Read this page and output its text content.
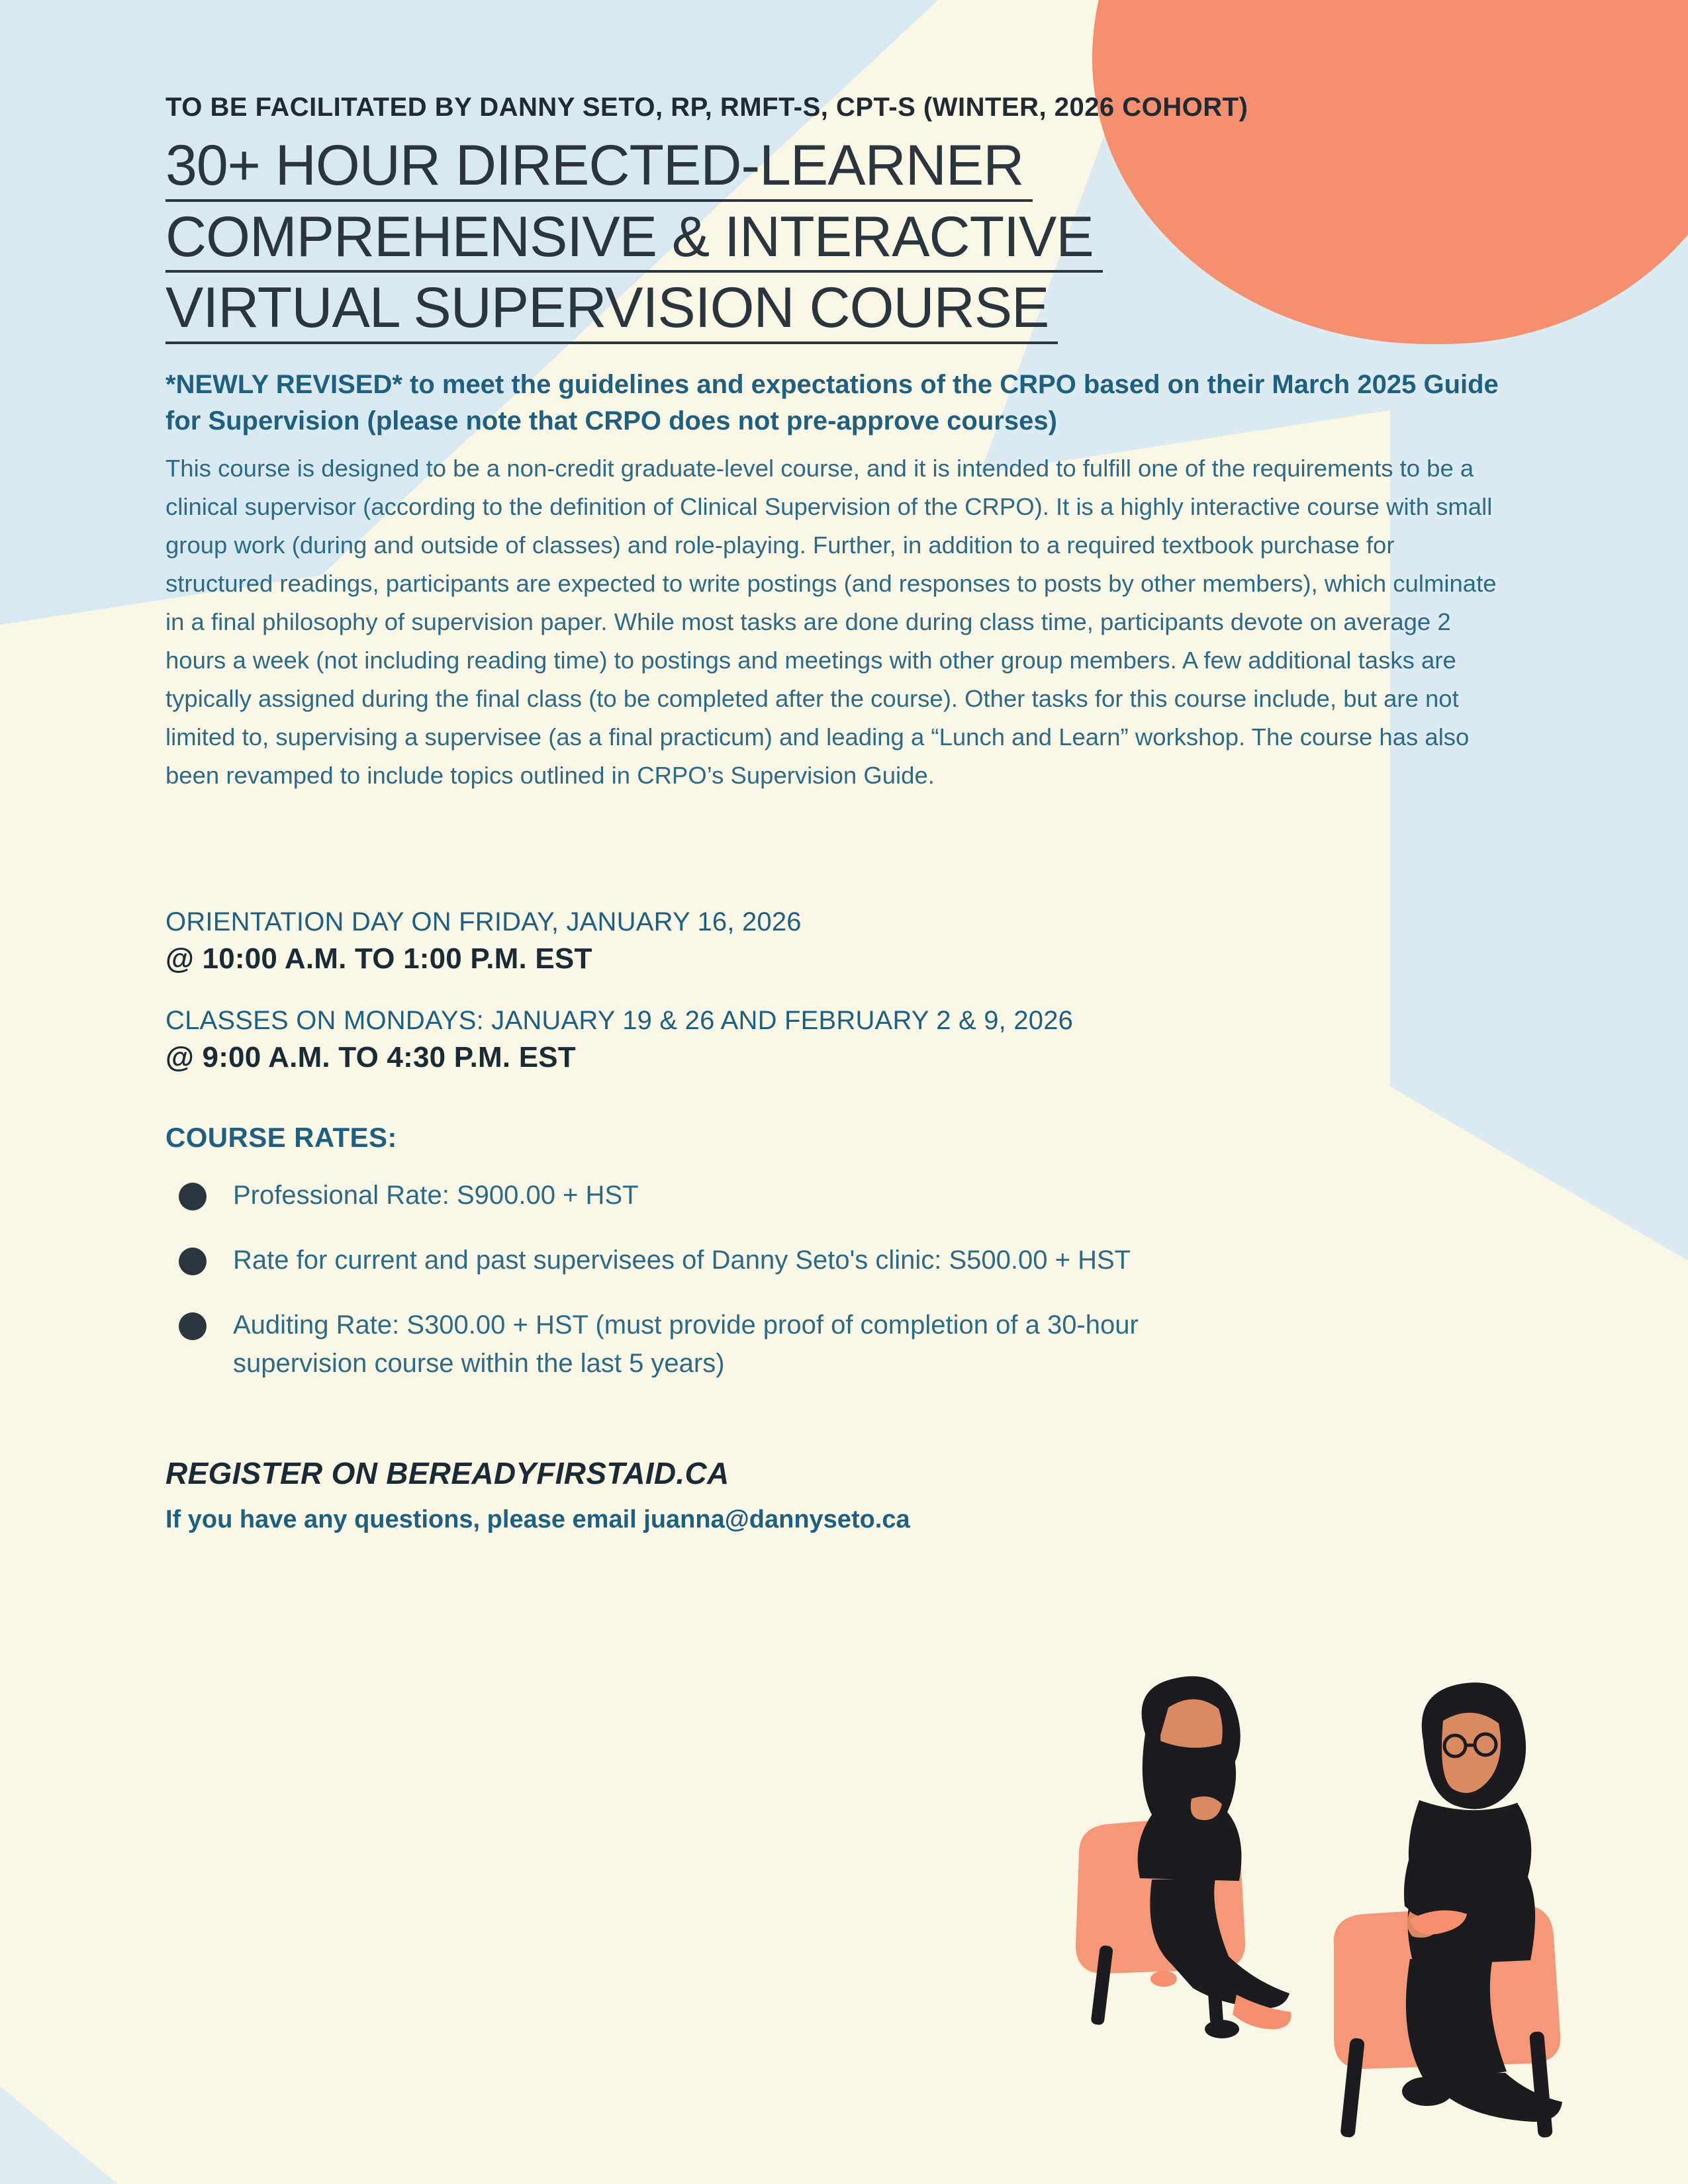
TO BE FACILITATED BY DANNY SETO, RP, RMFT-S, CPT-S (WINTER, 2026 COHORT)
30+ HOUR DIRECTED-LEARNER
COMPREHENSIVE & INTERACTIVE
VIRTUAL SUPERVISION COURSE

*NEWLY REVISED* to meet the guidelines and expectations of the CRPO based on their March 2025 Guide for Supervision (please note that CRPO does not pre-approve courses)

This course is designed to be a non-credit graduate-level course, and it is intended to fulfill one of the requirements to be a clinical supervisor (according to the definition of Clinical Supervision of the CRPO). It is a highly interactive course with small group work (during and outside of classes) and role-playing. Further, in addition to a required textbook purchase for structured readings, participants are expected to write postings (and responses to posts by other members), which culminate in a final philosophy of supervision paper. While most tasks are done during class time, participants devote on average 2 hours a week (not including reading time) to postings and meetings with other group members. A few additional tasks are typically assigned during the final class (to be completed after the course). Other tasks for this course include, but are not limited to, supervising a supervisee (as a final practicum) and leading a “Lunch and Learn” workshop. The course has also been revamped to include topics outlined in CRPO’s Supervision Guide.

ORIENTATION DAY ON FRIDAY, JANUARY 16, 2026
@ 10:00 A.M. TO 1:00 P.M. EST
CLASSES ON MONDAYS: JANUARY 19 & 26 AND FEBRUARY 2 & 9, 2026
@ 9:00 A.M. TO 4:30 P.M. EST
COURSE RATES:
Professional Rate: S900.00 + HST
Rate for current and past supervisees of Danny Seto's clinic: S500.00 + HST
Auditing Rate: S300.00 + HST (must provide proof of completion of a 30-hour supervision course within the last 5 years)
REGISTER ON BEREADYFIRSTAID.CA
If you have any questions, please email juanna@dannyseto.ca
